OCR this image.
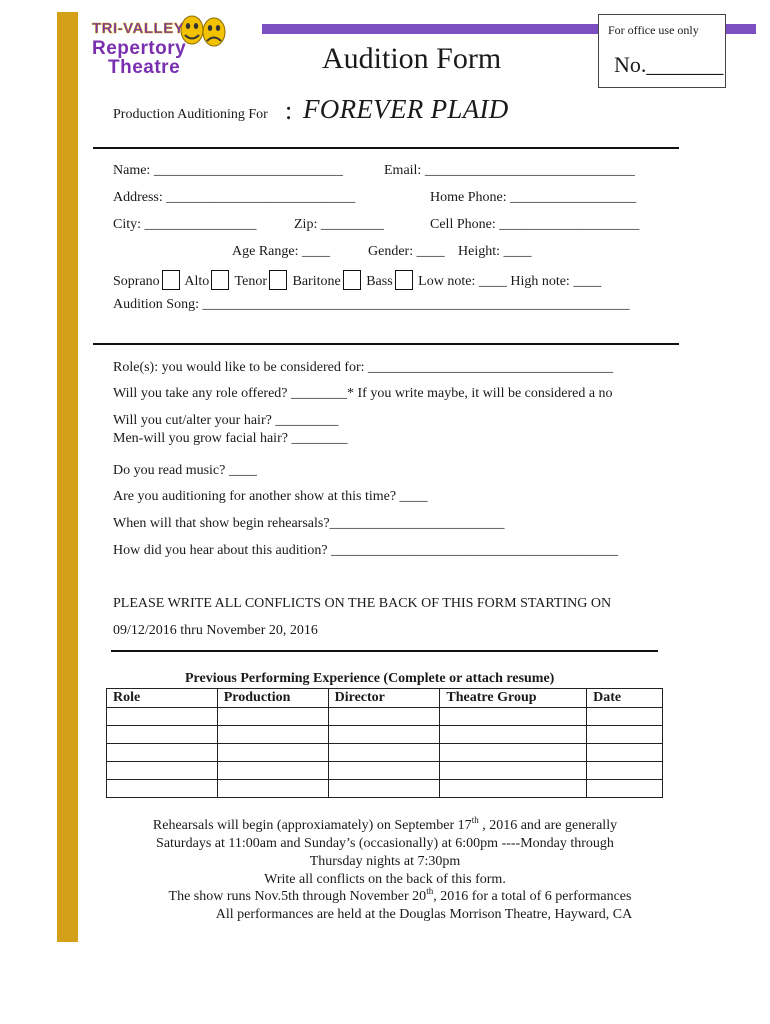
TRI-VALLEY
Repertory
Theatre
For office use only
No._______
Audition Form
Production Auditioning For : FOREVER PLAID
Name: ___________________________	Email: ______________________________
Address: ___________________________	Home Phone: __________________
City: ________________	Zip: _________	Cell Phone: ____________________
Age Range: ____	Gender: ____ Height: ____
Soprano Alto Tenor Baritone Bass Low note: ____ High note: ____
Audition Song: _____________________________________________________________
Role(s): you would like to be considered for: ___________________________________
Will you take any role offered? ________* If you write maybe, it will be considered a no
Will you cut/alter your hair? _________
Men-will you grow facial hair? ________
Do you read music? ____
Are you auditioning for another show at this time? ____
When will that show begin rehearsals?_________________________
How did you hear about this audition? _________________________________________
PLEASE WRITE ALL CONFLICTS ON THE BACK OF THIS FORM STARTING ON
09/12/2016 thru November 20, 2016
Previous Performing Experience (Complete or attach resume)
Role	Production	Director	Theatre Group	Date

Rehearsals will begin (approxiamately) on September 17th , 2016 and are generally
Saturdays at 11:00am and Sunday’s (occasionally) at 6:00pm ----Monday through
Thursday nights at 7:30pm
Write all conflicts on the back of this form.
The show runs Nov.5th through November 20th, 2016 for a total of 6 performances
All performances are held at the Douglas Morrison Theatre, Hayward, CA
